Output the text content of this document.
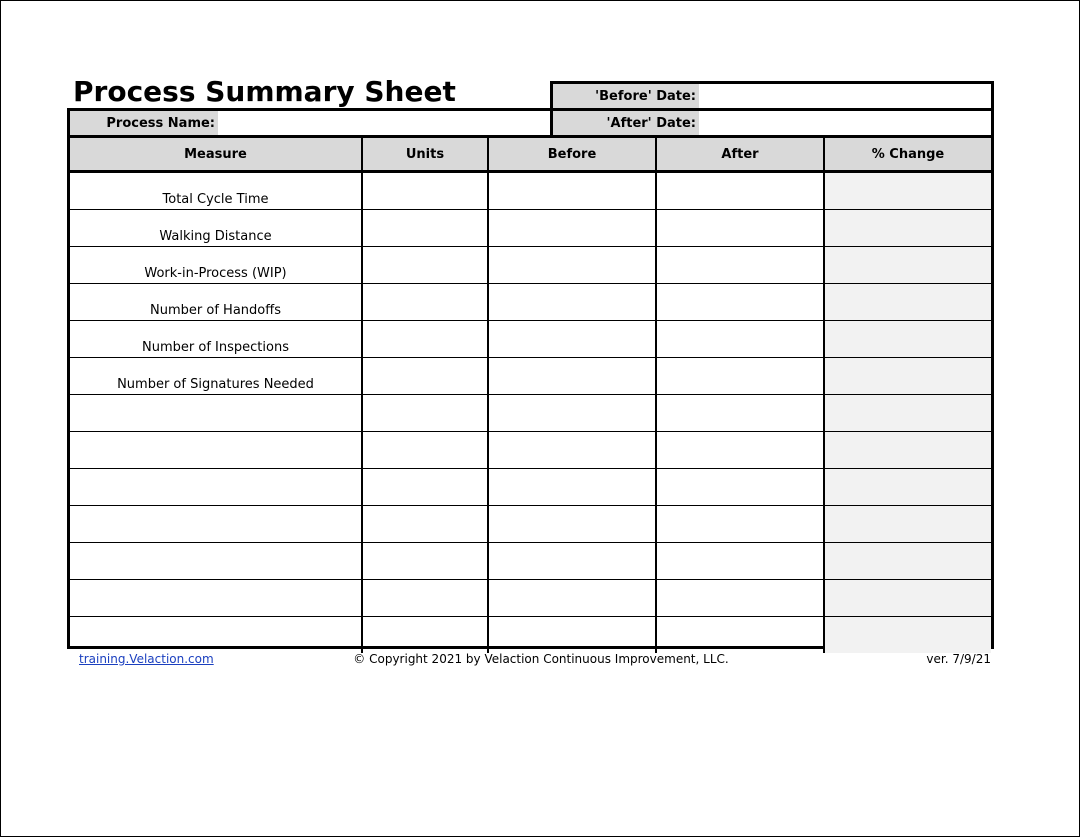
Process Summary Sheet	'Before' Date:
Process Name:	'After' Date:
Measure	Units	Before	After	% Change
Total Cycle Time				
Walking Distance				
Work-in-Process (WIP)				
Number of Handoffs				
Number of Inspections				
Number of Signatures Needed				

training.Velaction.com	© Copyright 2021 by Velaction Continuous Improvement, LLC.	ver. 7/9/21
